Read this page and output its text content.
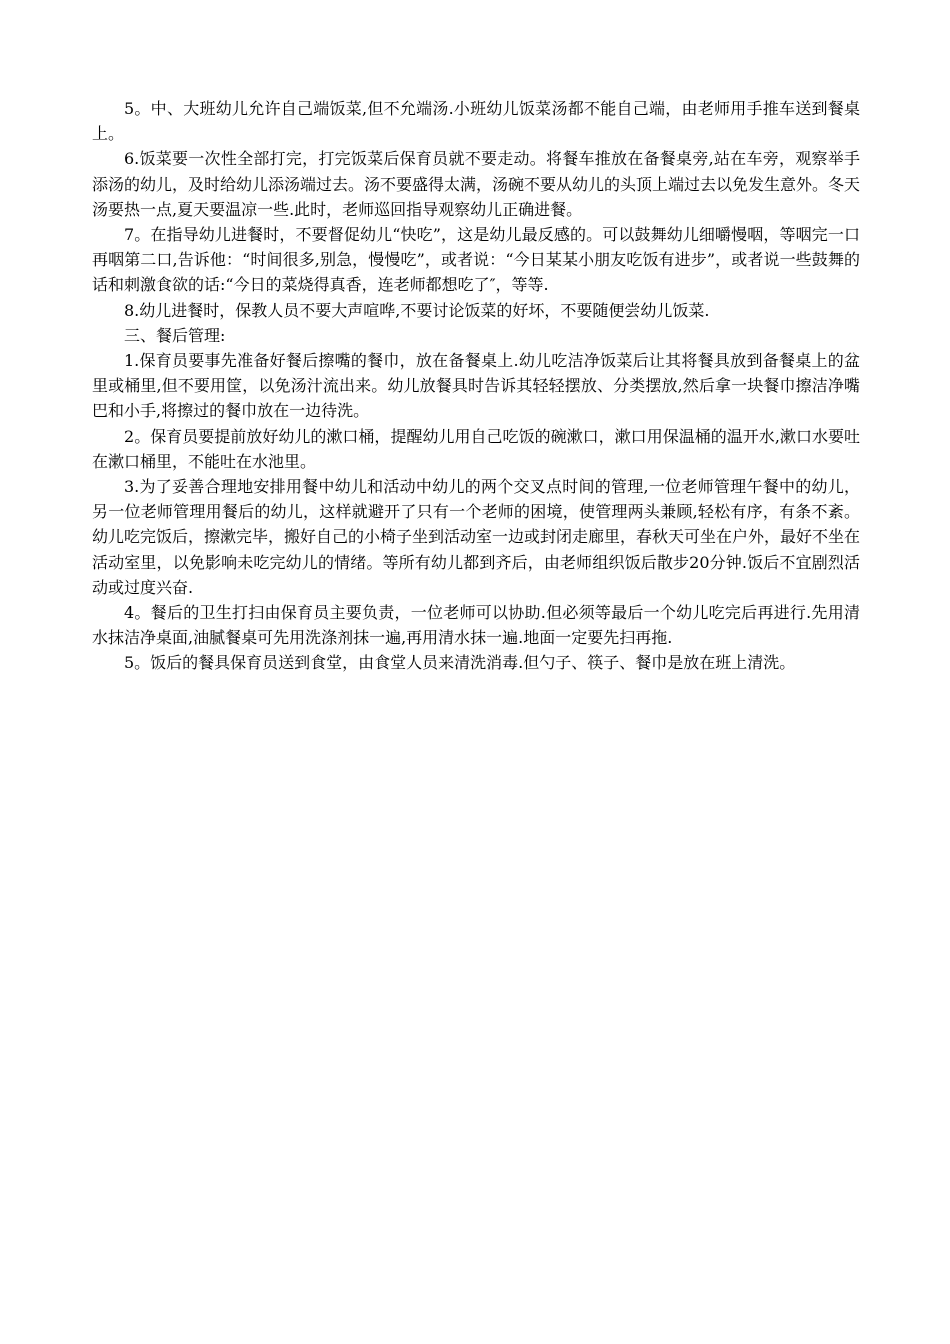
5。中、大班幼儿允许自己端饭菜,但不允端汤.小班幼儿饭菜汤都不能自己端，由老师用手推车送到餐桌上。

6.饭菜要一次性全部打完，打完饭菜后保育员就不要走动。将餐车推放在备餐桌旁,站在车旁，观察举手添汤的幼儿，及时给幼儿添汤端过去。汤不要盛得太满，汤碗不要从幼儿的头顶上端过去以免发生意外。冬天汤要热一点,夏天要温凉一些.此时，老师巡回指导观察幼儿正确进餐。

7。在指导幼儿进餐时，不要督促幼儿“快吃”，这是幼儿最反感的。可以鼓舞幼儿细嚼慢咽，等咽完一口再咽第二口,告诉他：“时间很多,别急，慢慢吃”，或者说：“今日某某小朋友吃饭有进步”，或者说一些鼓舞的话和刺激食欲的话:“今日的菜烧得真香，连老师都想吃了″，等等.

8.幼儿进餐时，保教人员不要大声喧哗,不要讨论饭菜的好坏，不要随便尝幼儿饭菜.

三、餐后管理:

1.保育员要事先准备好餐后擦嘴的餐巾，放在备餐桌上.幼儿吃洁净饭菜后让其将餐具放到备餐桌上的盆里或桶里,但不要用筐，以免汤汁流出来。幼儿放餐具时告诉其轻轻摆放、分类摆放,然后拿一块餐巾擦洁净嘴巴和小手,将擦过的餐巾放在一边待洗。

2。保育员要提前放好幼儿的漱口桶，提醒幼儿用自己吃饭的碗漱口，漱口用保温桶的温开水,漱口水要吐在漱口桶里，不能吐在水池里。

3.为了妥善合理地安排用餐中幼儿和活动中幼儿的两个交叉点时间的管理,一位老师管理午餐中的幼儿，另一位老师管理用餐后的幼儿，这样就避开了只有一个老师的困境，使管理两头兼顾,轻松有序，有条不紊。幼儿吃完饭后，擦漱完毕，搬好自己的小椅子坐到活动室一边或封闭走廊里，春秋天可坐在户外，最好不坐在活动室里，以免影响未吃完幼儿的情绪。等所有幼儿都到齐后，由老师组织饭后散步20分钟.饭后不宜剧烈活动或过度兴奋.

4。餐后的卫生打扫由保育员主要负责，一位老师可以协助.但必须等最后一个幼儿吃完后再进行.先用清水抹洁净桌面,油腻餐桌可先用洗涤剂抹一遍,再用清水抹一遍.地面一定要先扫再拖.

5。饭后的餐具保育员送到食堂，由食堂人员来清洗消毒.但勺子、筷子、餐巾是放在班上清洗。
